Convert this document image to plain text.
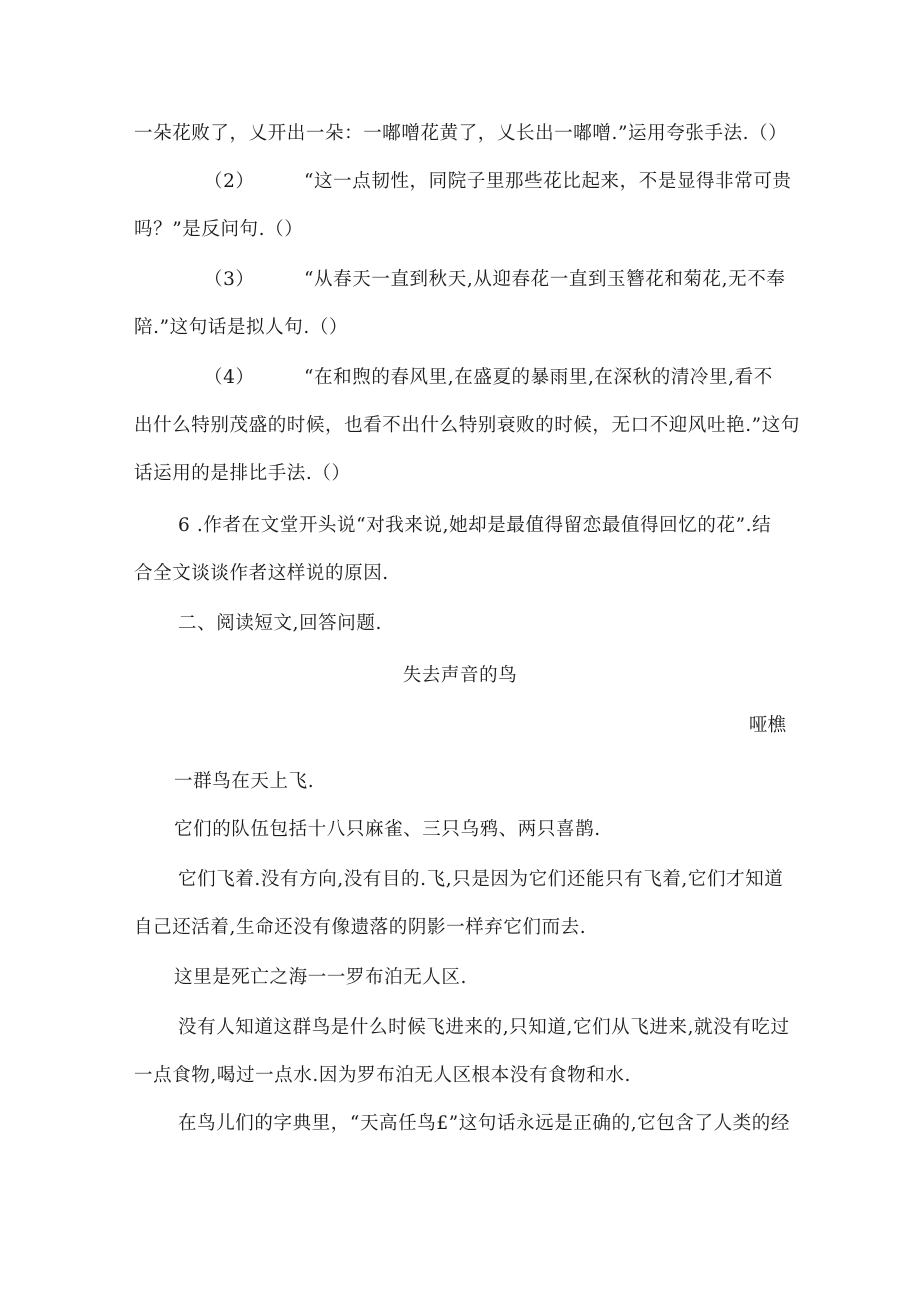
一朵花败了，乂开出一朵：一嘟噌花黄了，乂长出一嘟噌.”运用夸张手法.（）
（2）	“这一点韧性，同院子里那些花比起来，不是显得非常可贵
吗？”是反问句.（）
（3）	“从春天一直到秋天,从迎春花一直到玉簪花和菊花,无不奉
陪.”这句话是拟人句.（）
（4）	“在和煦的春风里,在盛夏的暴雨里,在深秋的清冷里,看不
出什么特别茂盛的时候，也看不出什么特别衰败的时候，无口不迎风吐艳.”这句
话运用的是排比手法.（）
6 .作者在文堂开头说“对我来说,她却是最值得留恋最值得回忆的花”.结
合全文谈谈作者这样说的原因.
二、阅读短文,回答问题.
失去声音的鸟
哑樵
一群鸟在天上飞.
它们的队伍包括十八只麻雀、三只乌鸦、两只喜鹊.
它们飞着.没有方向,没有目的.飞,只是因为它们还能只有飞着,它们才知道
自己还活着,生命还没有像遗落的阴影一样弃它们而去.
这里是死亡之海一一罗布泊无人区.
没有人知道这群鸟是什么时候飞进来的,只知道,它们从飞进来,就没有吃过
一点食物,喝过一点水.因为罗布泊无人区根本没有食物和水.
在鸟儿们的字典里，“天高任鸟£”这句话永远是正确的,它包含了人类的经
